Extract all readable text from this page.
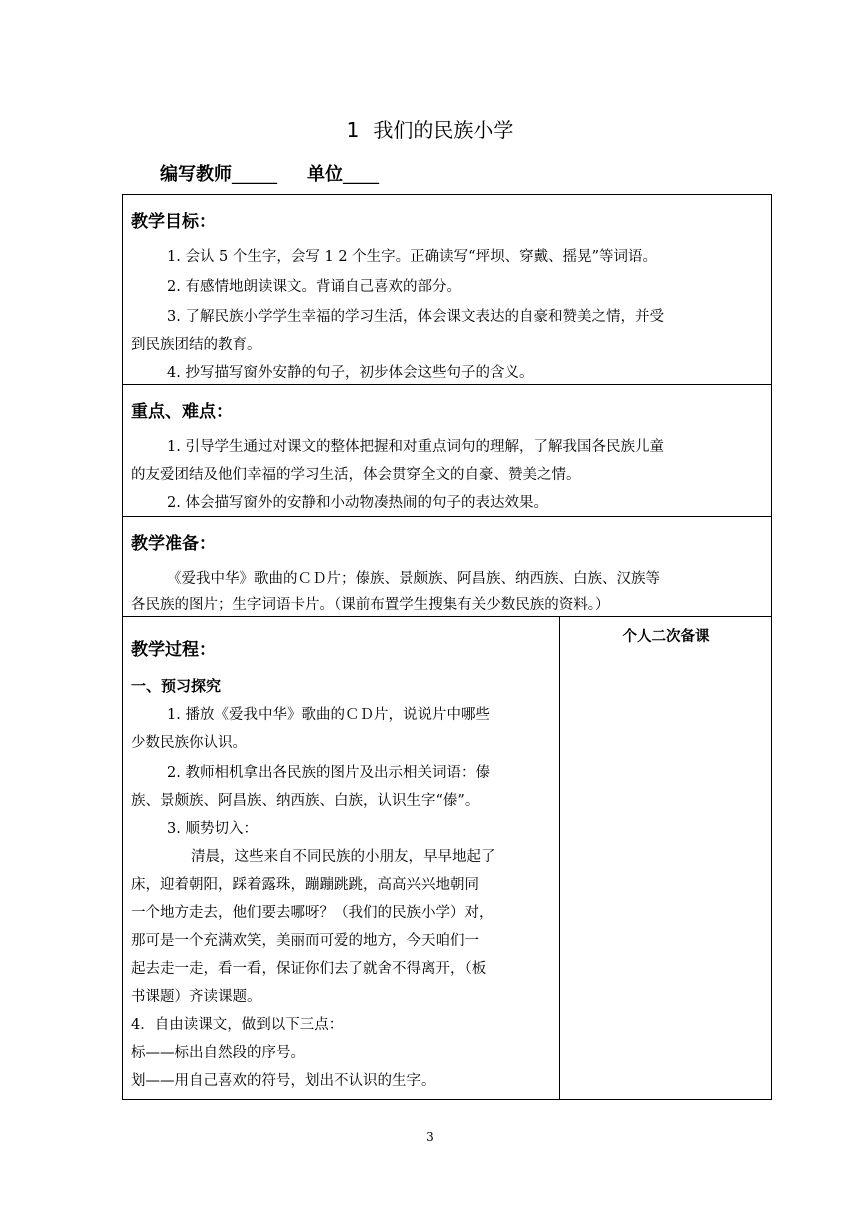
1 我们的民族小学
编写教师_____ 单位____
教学目标：
1. 会认 5 个生字，会写 1 2 个生字。正确读写“坪坝、穿戴、摇晃”等词语。
2. 有感情地朗读课文。背诵自己喜欢的部分。
3. 了解民族小学学生幸福的学习生活，体会课文表达的自豪和赞美之情，并受
到民族团结的教育。
4. 抄写描写窗外安静的句子，初步体会这些句子的含义。
重点、难点：
1. 引导学生通过对课文的整体把握和对重点词句的理解，了解我国各民族儿童
的友爱团结及他们幸福的学习生活，体会贯穿全文的自豪、赞美之情。
2. 体会描写窗外的安静和小动物凑热闹的句子的表达效果。
教学准备：
《爱我中华》歌曲的ＣＤ片；傣族、景颇族、阿昌族、纳西族、白族、汉族等
各民族的图片；生字词语卡片。（课前布置学生搜集有关少数民族的资料。）
个人二次备课
教学过程：
一、预习探究
1. 播放《爱我中华》歌曲的ＣＤ片，说说片中哪些
少数民族你认识。
2. 教师相机拿出各民族的图片及出示相关词语：傣
族、景颇族、阿昌族、纳西族、白族，认识生字“傣”。
3. 顺势切入：
清晨，这些来自不同民族的小朋友，早早地起了
床，迎着朝阳，踩着露珠，蹦蹦跳跳，高高兴兴地朝同
一个地方走去，他们要去哪呀？（我们的民族小学）对，
那可是一个充满欢笑，美丽而可爱的地方，今天咱们一
起去走一走，看一看，保证你们去了就舍不得离开，（板
书课题）齐读课题。
4．自由读课文，做到以下三点：
标——标出自然段的序号。
划——用自己喜欢的符号，划出不认识的生字。
3
